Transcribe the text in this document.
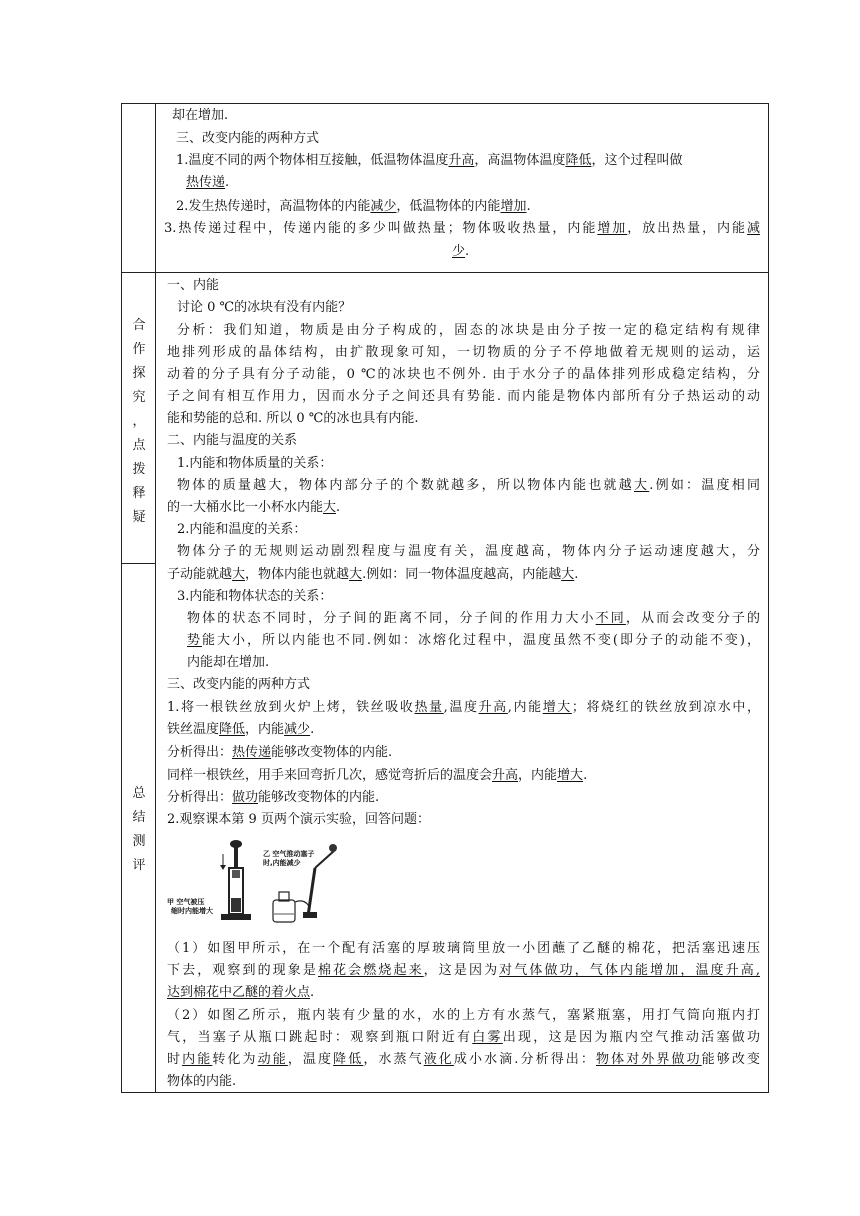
合
作
探
究
，
点
拨
释
疑
总
结
测
评
却在增加.
三、改变内能的两种方式
1.温度不同的两个物体相互接触，低温物体温度升高，高温物体温度降低，这个过程叫做
热传递.
2.发生热传递时，高温物体的内能减少，低温物体的内能增加.
3.热传递过程中，传递内能的多少叫做热量；物体吸收热量，内能增加，放出热量，内能减
少.
一、内能
讨论 0 ℃的冰块有没有内能？
分析：我们知道，物质是由分子构成的，固态的冰块是由分子按一定的稳定结构有规律
地排列形成的晶体结构，由扩散现象可知，一切物质的分子不停地做着无规则的运动，运
动着的分子具有分子动能，0 ℃的冰块也不例外. 由于水分子的晶体排列形成稳定结构，分
子之间有相互作用力，因而水分子之间还具有势能. 而内能是物体内部所有分子热运动的动
能和势能的总和. 所以 0 ℃的冰也具有内能.
二、内能与温度的关系
1.内能和物体质量的关系：
物体的质量越大，物体内部分子的个数就越多，所以物体内能也就越大.例如：温度相同
的一大桶水比一小杯水内能大.
2.内能和温度的关系：
物体分子的无规则运动剧烈程度与温度有关，温度越高，物体内分子运动速度越大，分
子动能就越大，物体内能也就越大.例如：同一物体温度越高，内能越大.
3.内能和物体状态的关系：
物体的状态不同时，分子间的距离不同，分子间的作用力大小不同，从而会改变分子的
势能大小，所以内能也不同.例如：冰熔化过程中，温度虽然不变(即分子的动能不变)，
内能却在增加.
三、改变内能的两种方式
1.将一根铁丝放到火炉上烤，铁丝吸收热量,温度升高,内能增大；将烧红的铁丝放到凉水中，
铁丝温度降低，内能减少.
分析得出：热传递能够改变物体的内能.
同样一根铁丝，用手来回弯折几次，感觉弯折后的温度会升高，内能增大.
分析得出：做功能够改变物体的内能.
2.观察课本第 9 页两个演示实验，回答问题：
（1）如图甲所示，在一个配有活塞的厚玻璃筒里放一小团蘸了乙醚的棉花，把活塞迅速压
下去，观察到的现象是棉花会燃烧起来，这是因为对气体做功，气体内能增加，温度升高,
达到棉花中乙醚的着火点.
（2）如图乙所示，瓶内装有少量的水，水的上方有水蒸气，塞紧瓶塞，用打气筒向瓶内打
气，当塞子从瓶口跳起时：观察到瓶口附近有白雾出现，这是因为瓶内空气推动活塞做功
时内能转化为动能，温度降低，水蒸气液化成小水滴.分析得出：物体对外界做功能够改变
物体的内能.
乙 空气推动塞子
时,内能减少
甲 空气被压
缩时内能增大
